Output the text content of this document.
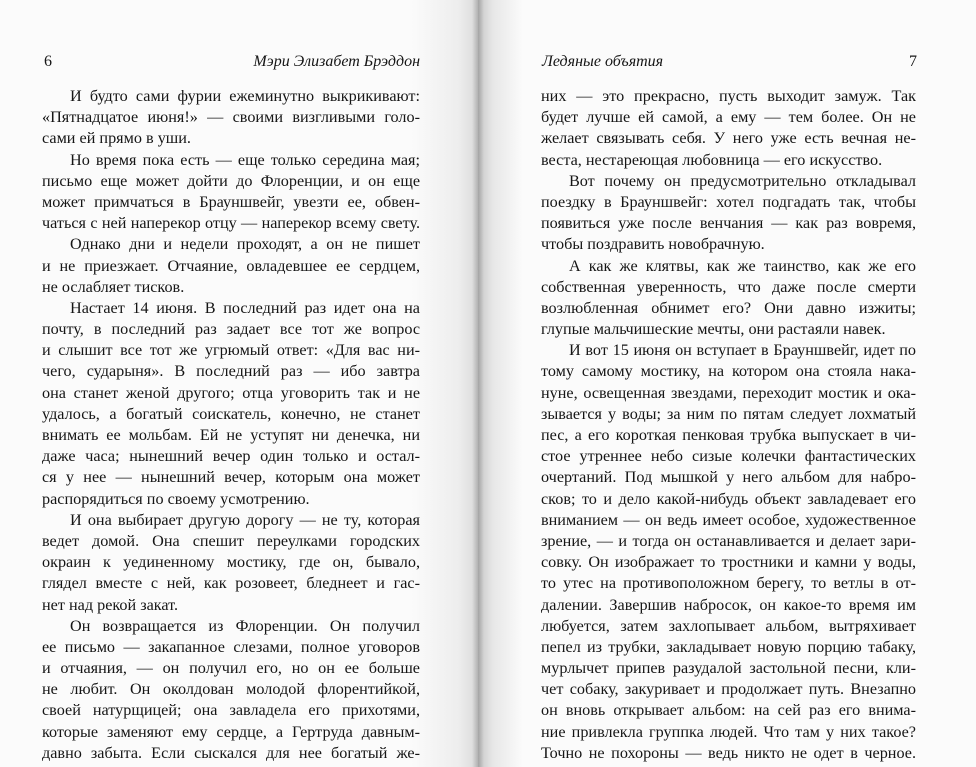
6	Мэри Элизабет Брэддон
И будто сами фурии ежеминутно выкрикивают:
«Пятнадцатое июня!» — своими визгливыми голо-
сами ей прямо в уши.
Но время пока есть — еще только середина мая;
письмо еще может дойти до Флоренции, и он еще
может примчаться в Брауншвейг, увезти ее, обвен-
чаться с ней наперекор отцу — наперекор всему свету.
Однако дни и недели проходят, а он не пишет
и не приезжает. Отчаяние, овладевшее ее сердцем,
не ослабляет тисков.
Настает 14 июня. В последний раз идет она на
почту, в последний раз задает все тот же вопрос
и слышит все тот же угрюмый ответ: «Для вас ни-
чего, сударыня». В последний раз — ибо завтра
она станет женой другого; отца уговорить так и не
удалось, а богатый соискатель, конечно, не станет
внимать ее мольбам. Ей не уступят ни денечка, ни
даже часа; нынешний вечер один только и остал-
ся у нее — нынешний вечер, которым она может
распорядиться по своему усмотрению.
И она выбирает другую дорогу — не ту, которая
ведет домой. Она спешит переулками городских
окраин к уединенному мостику, где он, бывало,
глядел вместе с ней, как розовеет, бледнеет и гас-
нет над рекой закат.
Он возвращается из Флоренции. Он получил
ее письмо — закапанное слезами, полное уговоров
и отчаяния, — он получил его, но он ее больше
не любит. Он околдован молодой флорентийкой,
своей натурщицей; она завладела его прихотями,
которые заменяют ему сердце, а Гертруда давным-
давно забыта. Если сыскался для нее богатый же-
Ледяные объятия	7
них — это прекрасно, пусть выходит замуж. Так
будет лучше ей самой, а ему — тем более. Он не
желает связывать себя. У него уже есть вечная не-
веста, нестареющая любовница — его искусство.
Вот почему он предусмотрительно откладывал
поездку в Брауншвейг: хотел подгадать так, чтобы
появиться уже после венчания — как раз вовремя,
чтобы поздравить новобрачную.
А как же клятвы, как же таинство, как же его
собственная уверенность, что даже после смерти
возлюбленная обнимет его? Они давно изжиты;
глупые мальчишеские мечты, они растаяли навек.
И вот 15 июня он вступает в Брауншвейг, идет по
тому самому мостику, на котором она стояла нака-
нуне, освещенная звездами, переходит мостик и ока-
зывается у воды; за ним по пятам следует лохматый
пес, а его короткая пенковая трубка выпускает в чи-
стое утреннее небо сизые колечки фантастических
очертаний. Под мышкой у него альбом для набро-
сков; то и дело какой-нибудь объект завладевает его
вниманием — он ведь имеет особое, художественное
зрение, — и тогда он останавливается и делает зари-
совку. Он изображает то тростники и камни у воды,
то утес на противоположном берегу, то ветлы в от-
далении. Завершив набросок, он какое-то время им
любуется, затем захлопывает альбом, вытряхивает
пепел из трубки, закладывает новую порцию табаку,
мурлычет припев разудалой застольной песни, кли-
чет собаку, закуривает и продолжает путь. Внезапно
он вновь открывает альбом: на сей раз его внима-
ние привлекла группка людей. Что там у них такое?
Точно не похороны — ведь никто не одет в черное.
